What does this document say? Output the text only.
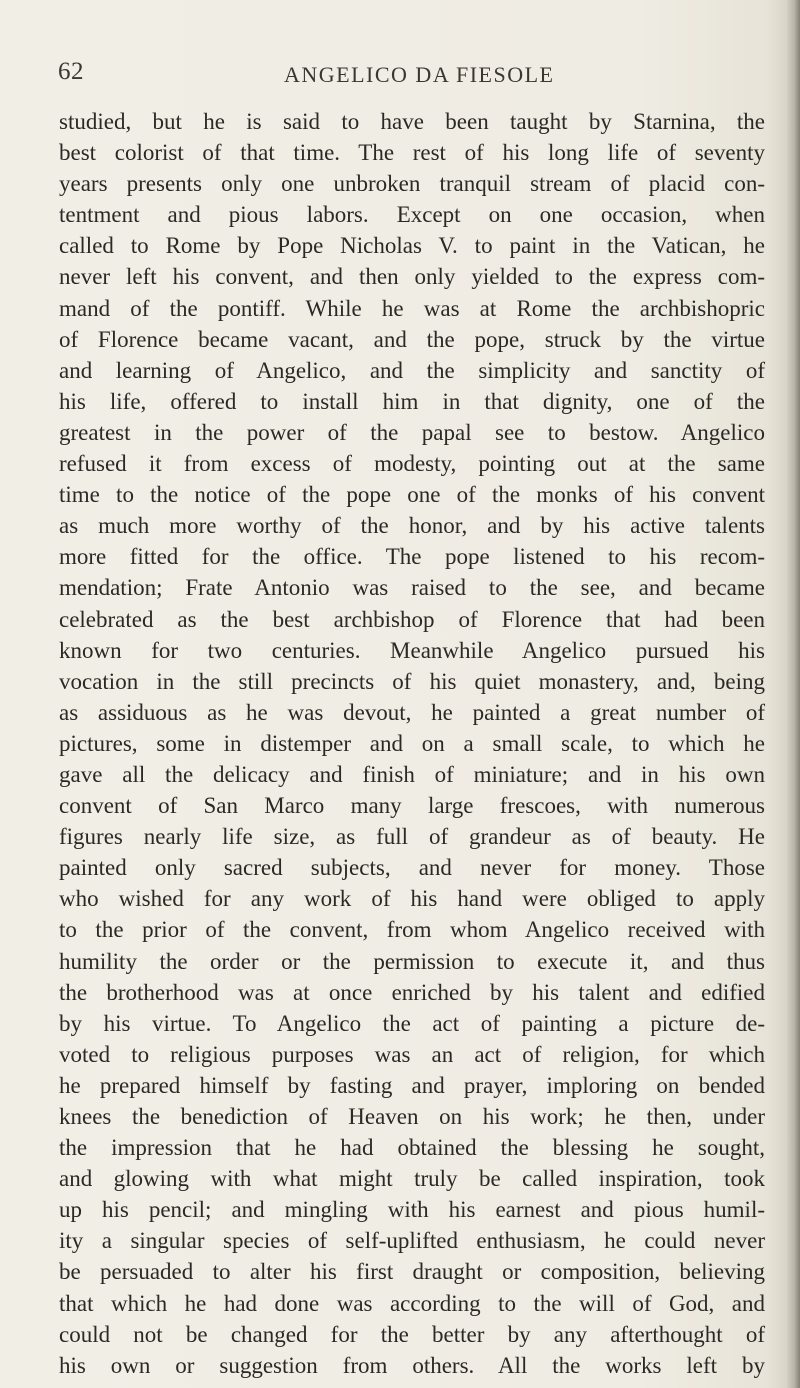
62	ANGELICO DA FIESOLE
studied, but he is said to have been taught by Starnina, the
best colorist of that time. The rest of his long life of seventy
years presents only one unbroken tranquil stream of placid con-
tentment and pious labors. Except on one occasion, when
called to Rome by Pope Nicholas V. to paint in the Vatican, he
never left his convent, and then only yielded to the express com-
mand of the pontiff. While he was at Rome the archbishopric
of Florence became vacant, and the pope, struck by the virtue
and learning of Angelico, and the simplicity and sanctity of
his life, offered to install him in that dignity, one of the
greatest in the power of the papal see to bestow. Angelico
refused it from excess of modesty, pointing out at the same
time to the notice of the pope one of the monks of his convent
as much more worthy of the honor, and by his active talents
more fitted for the office. The pope listened to his recom-
mendation; Frate Antonio was raised to the see, and became
celebrated as the best archbishop of Florence that had been
known for two centuries. Meanwhile Angelico pursued his
vocation in the still precincts of his quiet monastery, and, being
as assiduous as he was devout, he painted a great number of
pictures, some in distemper and on a small scale, to which he
gave all the delicacy and finish of miniature; and in his own
convent of San Marco many large frescoes, with numerous
figures nearly life size, as full of grandeur as of beauty. He
painted only sacred subjects, and never for money. Those
who wished for any work of his hand were obliged to apply
to the prior of the convent, from whom Angelico received with
humility the order or the permission to execute it, and thus
the brotherhood was at once enriched by his talent and edified
by his virtue. To Angelico the act of painting a picture de-
voted to religious purposes was an act of religion, for which
he prepared himself by fasting and prayer, imploring on bended
knees the benediction of Heaven on his work; he then, under
the impression that he had obtained the blessing he sought,
and glowing with what might truly be called inspiration, took
up his pencil; and mingling with his earnest and pious humil-
ity a singular species of self-uplifted enthusiasm, he could never
be persuaded to alter his first draught or composition, believing
that which he had done was according to the will of God, and
could not be changed for the better by any afterthought of
his own or suggestion from others. All the works left by
